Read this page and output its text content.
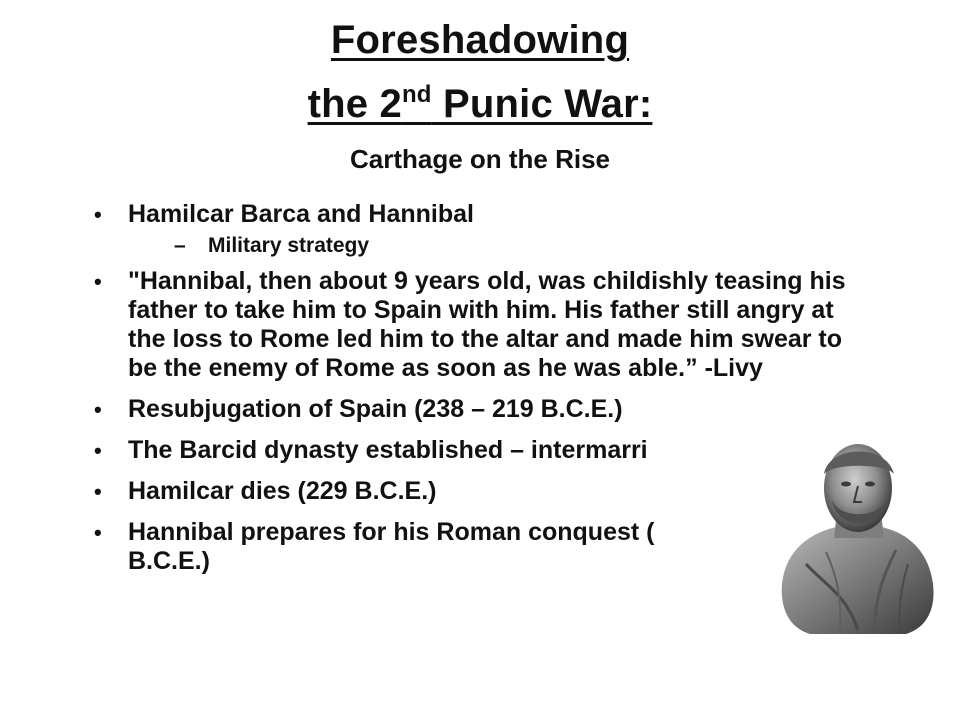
Foreshadowing
the 2nd Punic War:
Carthage on the Rise
• Hamilcar Barca and Hannibal
– Military strategy
• "Hannibal, then about 9 years old, was childishly teasing his father to take him to Spain with him. His father still angry at the loss to Rome led him to the altar and made him swear to be the enemy of Rome as soon as he was able.” -Livy
• Resubjugation of Spain (238 – 219 B.C.E.)
• The Barcid dynasty established – intermarri
• Hamilcar dies (229 B.C.E.)
• Hannibal prepares for his Roman conquest (
B.C.E.)
